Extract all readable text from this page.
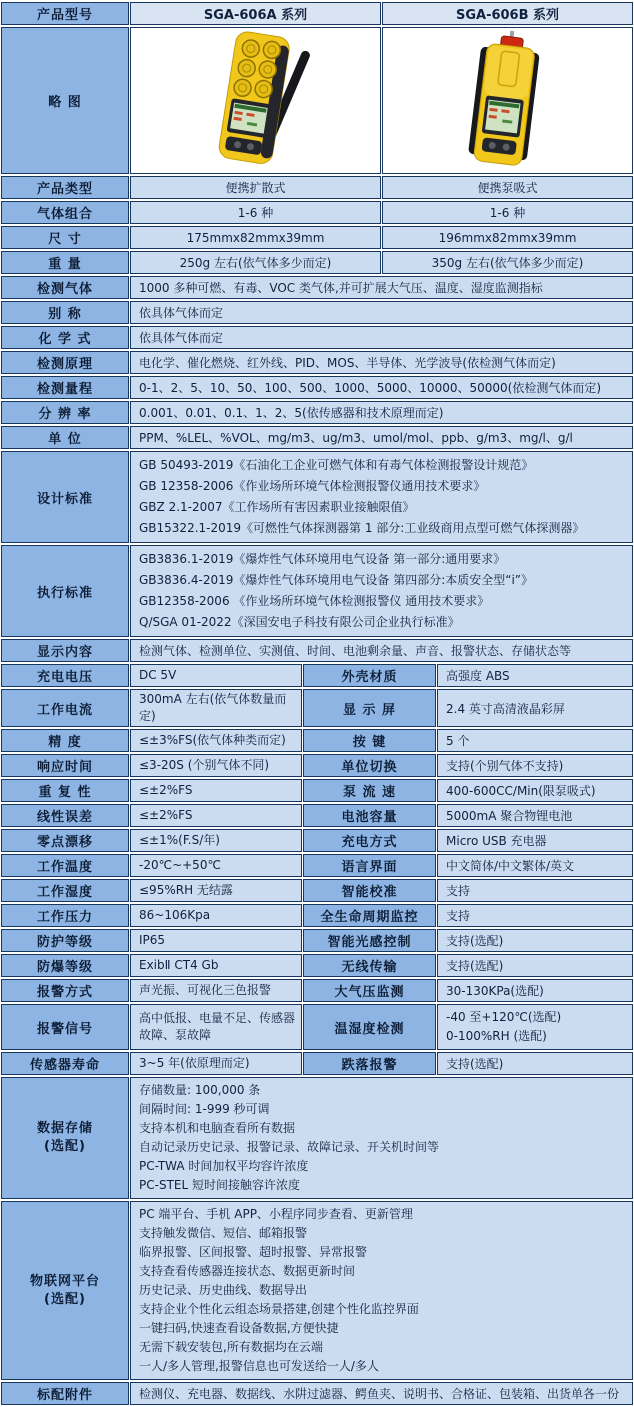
产品型号	SGA-606A 系列		SGA-606B 系列	
略 图		
产品类型	便携扩散式		便携泵吸式	
气体组合	1-6 种		1-6 种	
尺 寸	175mmx82mmx39mm		196mmx82mmx39mm	
重 量	250g 左右(依气体多少而定)		350g 左右(依气体多少而定)	
检测气体	1000 多种可燃、有毒、VOC 类气体,并可扩展大气压、温度、湿度监测指标			
别 称	依具体气体而定			
化 学 式	依具体气体而定			
检测原理	电化学、催化燃烧、红外线、PID、MOS、半导体、光学波导(依检测气体而定)			
检测量程	0-1、2、5、10、50、100、500、1000、5000、10000、50000(依检测气体而定)			
分 辨 率	0.001、0.01、0.1、1、2、5(依传感器和技术原理而定)			
单 位	PPM、%LEL、%VOL、mg/m3、ug/m3、umol/mol、ppb、g/m3、mg/l、g/l			
设计标准	GB 50493-2019《石油化工企业可燃气体和有毒气体检测报警设计规范》
GB 12358-2006《作业场所环境气体检测报警仪通用技术要求》
GBZ 2.1-2007《工作场所有害因素职业接触限值》
GB15322.1-2019《可燃性气体探测器第 1 部分:工业级商用点型可燃气体探测器》			

执行标准	GB3836.1-2019《爆炸性气体环境用电气设备 第一部分:通用要求》
GB3836.4-2019《爆炸性气体环境用电气设备 第四部分:本质安全型“i”》
GB12358-2006 《作业场所环境气体检测报警仪 通用技术要求》
Q/SGA 01-2022《深国安电子科技有限公司企业执行标准》			

显示内容	检测气体、检测单位、实测值、时间、电池剩余量、声音、报警状态、存储状态等			
充电电压	DC 5V	外壳材质		高强度 ABS
工作电流	300mA 左右(依气体数量而定)	显 示 屏		2.4 英寸高清液晶彩屏
精 度	≤±3%FS(依气体种类而定)	按 键		5 个
响应时间	≤3-20S (个别气体不同)	单位切换		支持(个别气体不支持)
重 复 性	≤±2%FS	泵 流 速		400-600CC/Min(限泵吸式)
线性误差	≤±2%FS	电池容量		5000mA 聚合物锂电池
零点漂移	≤±1%(F.S/年)	充电方式		Micro USB 充电器
工作温度	-20℃~+50℃	语言界面		中文简体/中文繁体/英文
工作湿度	≤95%RH 无结露	智能校准		支持
工作压力	86~106Kpa	全生命周期监控		支持
防护等级	IP65	智能光感控制		支持(选配)
防爆等级	ExibⅡ CT4 Gb	无线传输		支持(选配)
报警方式	声光振、可视化三色报警	大气压监测		30-130KPa(选配)
报警信号	高中低报、电量不足、传感器故障、泵故障	温湿度检测		-40 至+120℃(选配)
0-100%RH (选配)

传感器寿命	3~5 年(依原理而定)	跌落报警		支持(选配)

数据存储
(选配)

存储数量: 100,000 条
间隔时间: 1-999 秒可调
支持本机和电脑查看所有数据
自动记录历史记录、报警记录、故障记录、开关机时间等
PC-TWA 时间加权平均容许浓度
PC-STEL 短时间接触容许浓度

物联网平台
(选配)

PC 端平台、手机 APP、小程序同步查看、更新管理
支持触发微信、短信、邮箱报警
临界报警、区间报警、超时报警、异常报警
支持查看传感器连接状态、数据更新时间
历史记录、历史曲线、数据导出
支持企业个性化云组态场景搭建,创建个性化监控界面
一键扫码,快速查看设备数据,方便快捷
无需下载安装包,所有数据均在云端
一人/多人管理,报警信息也可发送给一人/多人

标配附件	检测仪、充电器、数据线、水阱过滤器、鳄鱼夹、说明书、合格证、包装箱、出货单各一份			
